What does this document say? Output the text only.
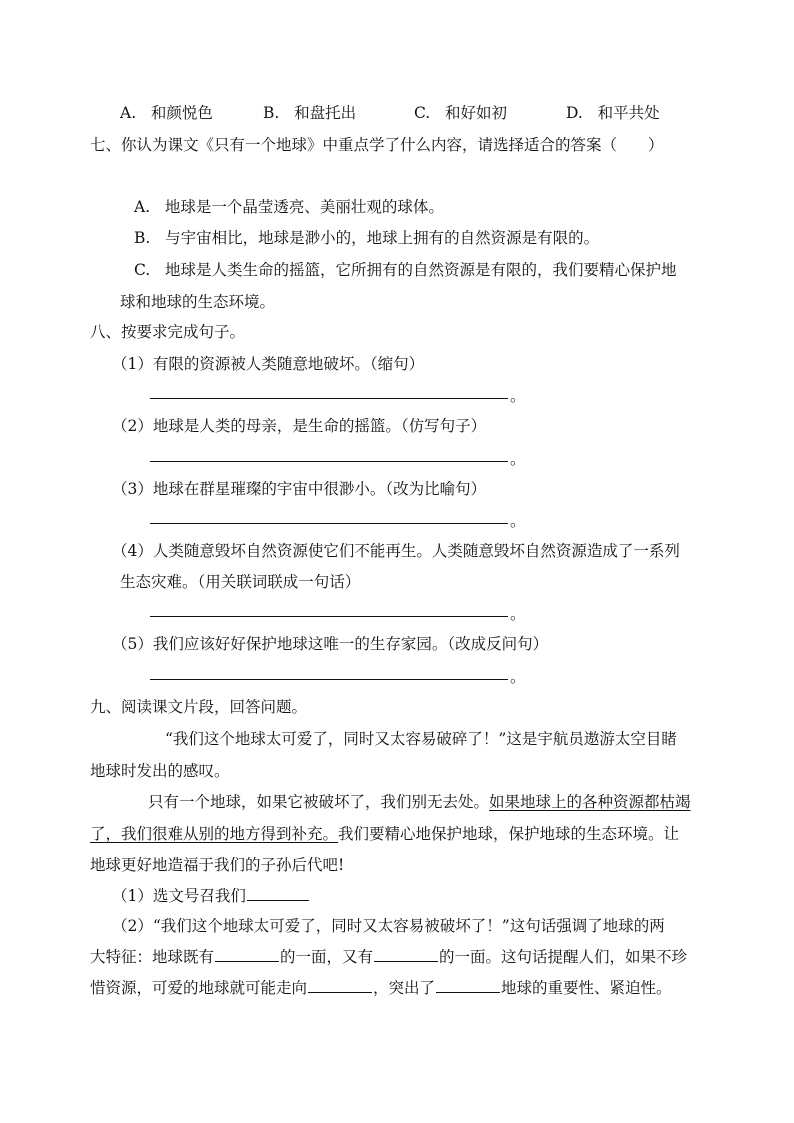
A. 和颜悦色	B. 和盘托出	C. 和好如初	D. 和平共处
七、你认为课文《只有一个地球》中重点学了什么内容，请选择适合的答案（　　）
A. 地球是一个晶莹透亮、美丽壮观的球体。
B. 与宇宙相比，地球是渺小的，地球上拥有的自然资源是有限的。
C. 地球是人类生命的摇篮，它所拥有的自然资源是有限的，我们要精心保护地
球和地球的生态环境。
八、按要求完成句子。
（1）有限的资源被人类随意地破坏。（缩句）
。
（2）地球是人类的母亲，是生命的摇篮。（仿写句子）
。
（3）地球在群星璀璨的宇宙中很渺小。（改为比喻句）
。
（4）人类随意毁坏自然资源使它们不能再生。人类随意毁坏自然资源造成了一系列
生态灾难。（用关联词联成一句话）
。
（5）我们应该好好保护地球这唯一的生存家园。（改成反问句）
。
九、阅读课文片段，回答问题。
“我们这个地球太可爱了，同时又太容易破碎了！”这是宇航员遨游太空目睹
地球时发出的感叹。
只有一个地球，如果它被破坏了，我们别无去处。如果地球上的各种资源都枯竭
了，我们很难从别的地方得到补充。我们要精心地保护地球，保护地球的生态环境。让
地球更好地造福于我们的子孙后代吧!
（1）选文号召我们
（2）“我们这个地球太可爱了，同时又太容易被破坏了！”这句话强调了地球的两
大特征：地球既有	的一面，又有	的一面。这句话提醒人们，如果不珍
惜资源，可爱的地球就可能走向	，突出了	地球的重要性、紧迫性。
